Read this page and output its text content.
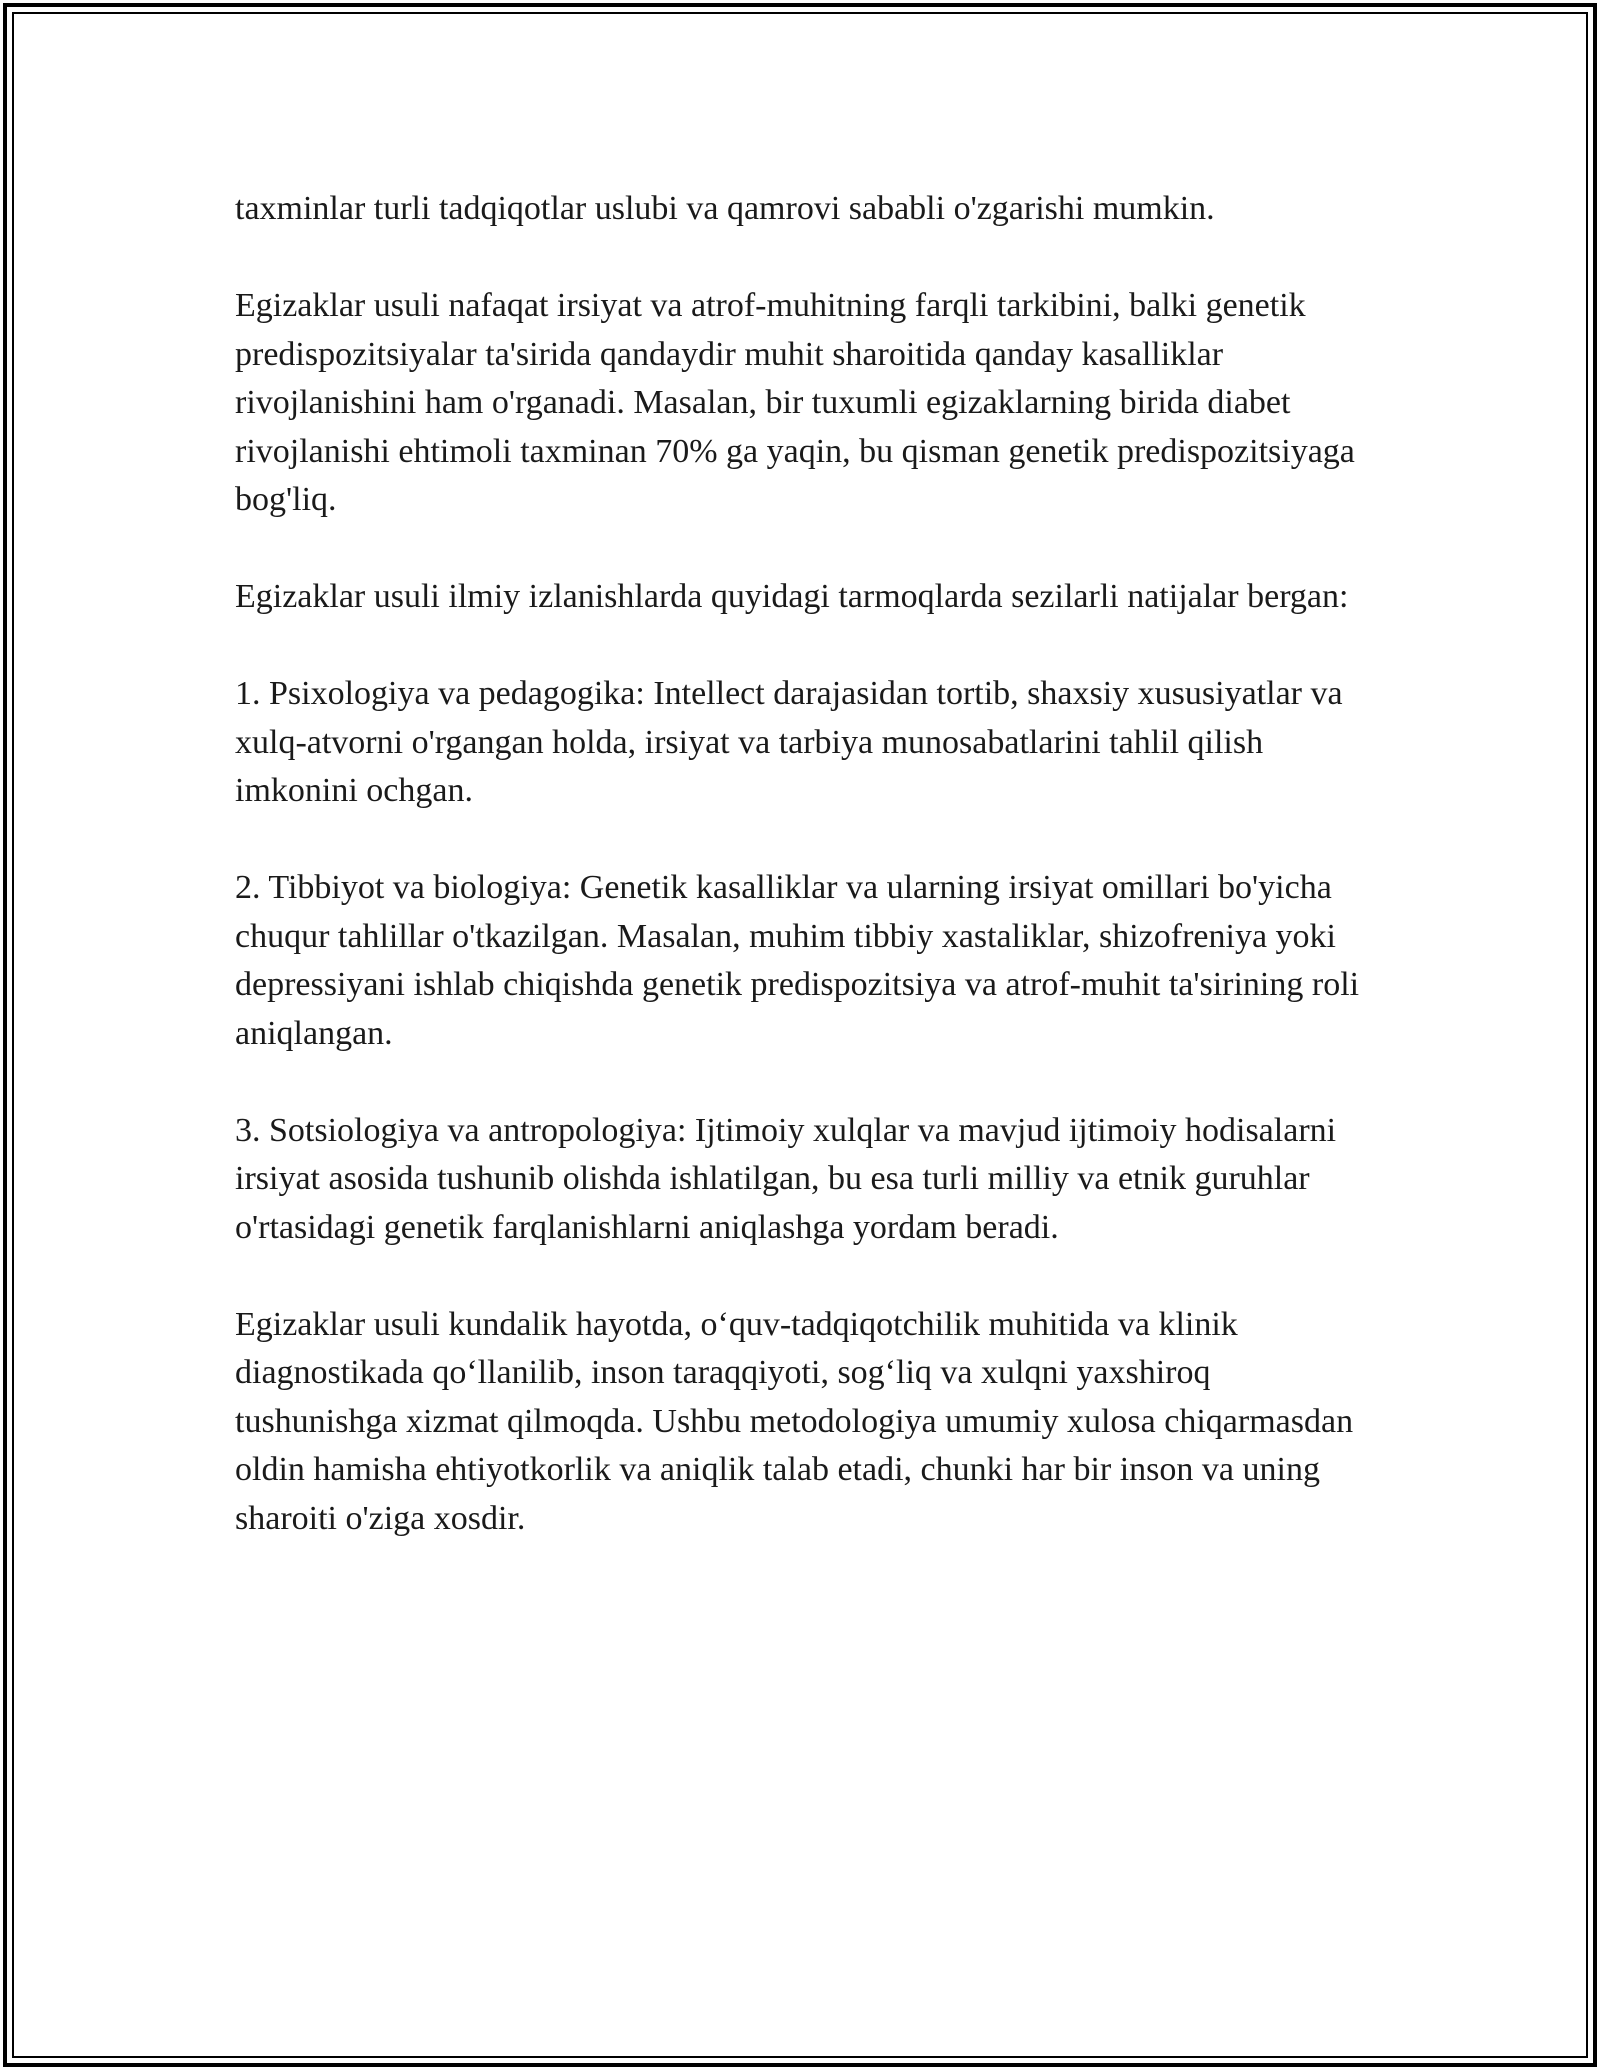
taxminlar turli tadqiqotlar uslubi va qamrovi sababli o'zgarishi mumkin.

Egizaklar usuli nafaqat irsiyat va atrof-muhitning farqli tarkibini, balki genetik predispozitsiyalar ta'sirida qandaydir muhit sharoitida qanday kasalliklar rivojlanishini ham o'rganadi. Masalan, bir tuxumli egizaklarning birida diabet rivojlanishi ehtimoli taxminan 70% ga yaqin, bu qisman genetik predispozitsiyaga bog'liq.

Egizaklar usuli ilmiy izlanishlarda quyidagi tarmoqlarda sezilarli natijalar bergan:

1. Psixologiya va pedagogika: Intellect darajasidan tortib, shaxsiy xususiyatlar va xulq-atvorni o'rgangan holda, irsiyat va tarbiya munosabatlarini tahlil qilish imkonini ochgan.

2. Tibbiyot va biologiya: Genetik kasalliklar va ularning irsiyat omillari bo'yicha chuqur tahlillar o'tkazilgan. Masalan, muhim tibbiy xastaliklar, shizofreniya yoki depressiyani ishlab chiqishda genetik predispozitsiya va atrof-muhit ta'sirining roli aniqlangan.

3. Sotsiologiya va antropologiya: Ijtimoiy xulqlar va mavjud ijtimoiy hodisalarni irsiyat asosida tushunib olishda ishlatilgan, bu esa turli milliy va etnik guruhlar o'rtasidagi genetik farqlanishlarni aniqlashga yordam beradi.

Egizaklar usuli kundalik hayotda, oʻquv-tadqiqotchilik muhitida va klinik diagnostikada qoʻllanilib, inson taraqqiyoti, sogʻliq va xulqni yaxshiroq tushunishga xizmat qilmoqda. Ushbu metodologiya umumiy xulosa chiqarmasdan oldin hamisha ehtiyotkorlik va aniqlik talab etadi, chunki har bir inson va uning sharoiti o'ziga xosdir.
